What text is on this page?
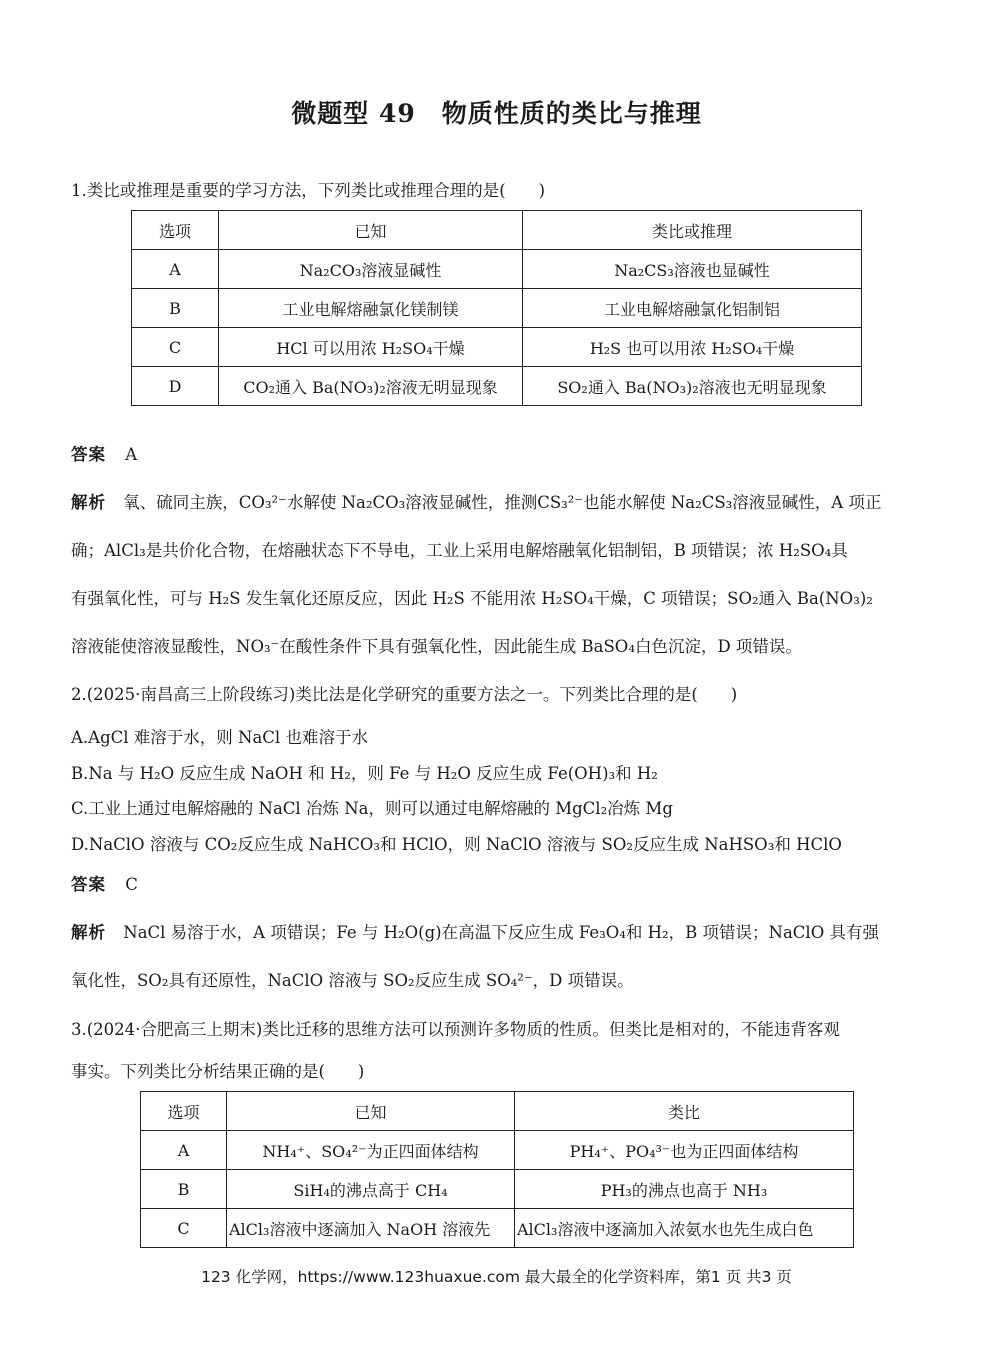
微题型 49　物质性质的类比与推理
1.类比或推理是重要的学习方法，下列类比或推理合理的是(　　)
选项	已知	类比或推理
A	Na₂CO₃溶液显碱性	Na₂CS₃溶液也显碱性
B	工业电解熔融氯化镁制镁	工业电解熔融氯化铝制铝
C	HCl 可以用浓 H₂SO₄干燥	H₂S 也可以用浓 H₂SO₄干燥
D	CO₂通入 Ba(NO₃)₂溶液无明显现象	SO₂通入 Ba(NO₃)₂溶液也无明显现象
答案 A
解析 氧、硫同主族，CO₃²⁻水解使 Na₂CO₃溶液显碱性，推测CS₃²⁻也能水解使 Na₂CS₃溶液显碱性，A 项正
确；AlCl₃是共价化合物，在熔融状态下不导电，工业上采用电解熔融氧化铝制铝，B 项错误；浓 H₂SO₄具
有强氧化性，可与 H₂S 发生氧化还原反应，因此 H₂S 不能用浓 H₂SO₄干燥，C 项错误；SO₂通入 Ba(NO₃)₂
溶液能使溶液显酸性，NO₃⁻在酸性条件下具有强氧化性，因此能生成 BaSO₄白色沉淀，D 项错误。
2.(2025·南昌高三上阶段练习)类比法是化学研究的重要方法之一。下列类比合理的是(　　)
A.AgCl 难溶于水，则 NaCl 也难溶于水
B.Na 与 H₂O 反应生成 NaOH 和 H₂，则 Fe 与 H₂O 反应生成 Fe(OH)₃和 H₂
C.工业上通过电解熔融的 NaCl 冶炼 Na，则可以通过电解熔融的 MgCl₂冶炼 Mg
D.NaClO 溶液与 CO₂反应生成 NaHCO₃和 HClO，则 NaClO 溶液与 SO₂反应生成 NaHSO₃和 HClO
答案 C
解析 NaCl 易溶于水，A 项错误；Fe 与 H₂O(g)在高温下反应生成 Fe₃O₄和 H₂，B 项错误；NaClO 具有强
氧化性，SO₂具有还原性，NaClO 溶液与 SO₂反应生成 SO₄²⁻，D 项错误。
3.(2024·合肥高三上期末)类比迁移的思维方法可以预测许多物质的性质。但类比是相对的，不能违背客观
事实。下列类比分析结果正确的是(　　)
选项	已知	类比
A	NH₄⁺、SO₄²⁻为正四面体结构	PH₄⁺、PO₄³⁻也为正四面体结构
B	SiH₄的沸点高于 CH₄	PH₃的沸点也高于 NH₃
C	AlCl₃溶液中逐滴加入 NaOH 溶液先	AlCl₃溶液中逐滴加入浓氨水也先生成白色
123 化学网，https://www.123huaxue.com 最大最全的化学资料库，第1 页 共3 页
